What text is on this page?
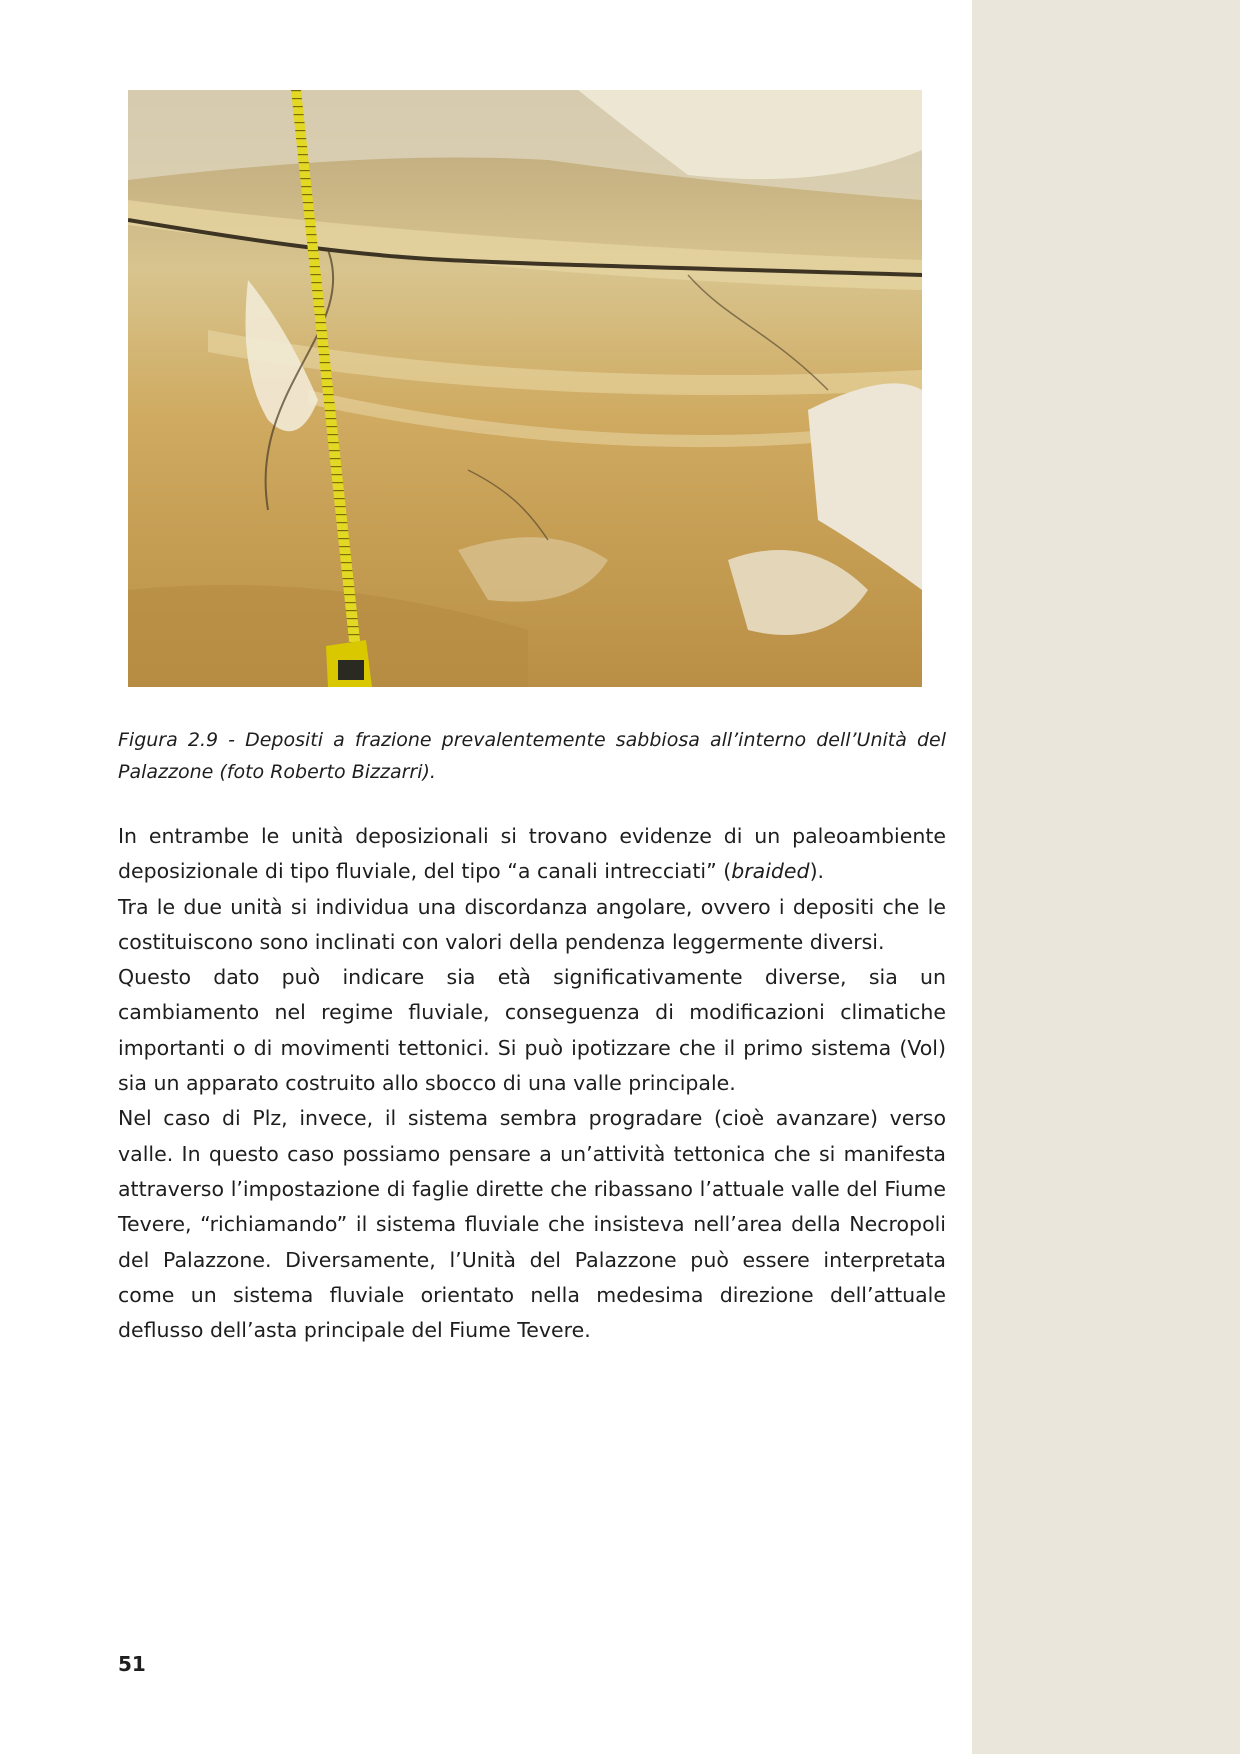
Figura 2.9 - Depositi a frazione prevalentemente sabbiosa all’interno dell’Unità del Palazzone (foto Roberto Bizzarri).

In entrambe le unità deposizionali si trovano evidenze di un paleoambiente deposizionale di tipo fluviale, del tipo “a canali intrecciati” (braided).

Tra le due unità si individua una discordanza angolare, ovvero i depositi che le costituiscono sono inclinati con valori della pendenza leggermente diversi.

Questo dato può indicare sia età significativamente diverse, sia un cambiamento nel regime fluviale, conseguenza di modificazioni climatiche importanti o di movimenti tettonici. Si può ipotizzare che il primo sistema (Vol) sia un apparato costruito allo sbocco di una valle principale.

Nel caso di Plz, invece, il sistema sembra progradare (cioè avanzare) verso valle. In questo caso possiamo pensare a un’attività tettonica che si manifesta attraverso l’impostazione di faglie dirette che ribassano l’attuale valle del Fiume Tevere, “richiamando” il sistema fluviale che insisteva nell’area della Necropoli del Palazzone. Diversamente, l’Unità del Palazzone può essere interpretata come un sistema fluviale orientato nella medesima direzione dell’attuale deflusso dell’asta principale del Fiume Tevere.

51
